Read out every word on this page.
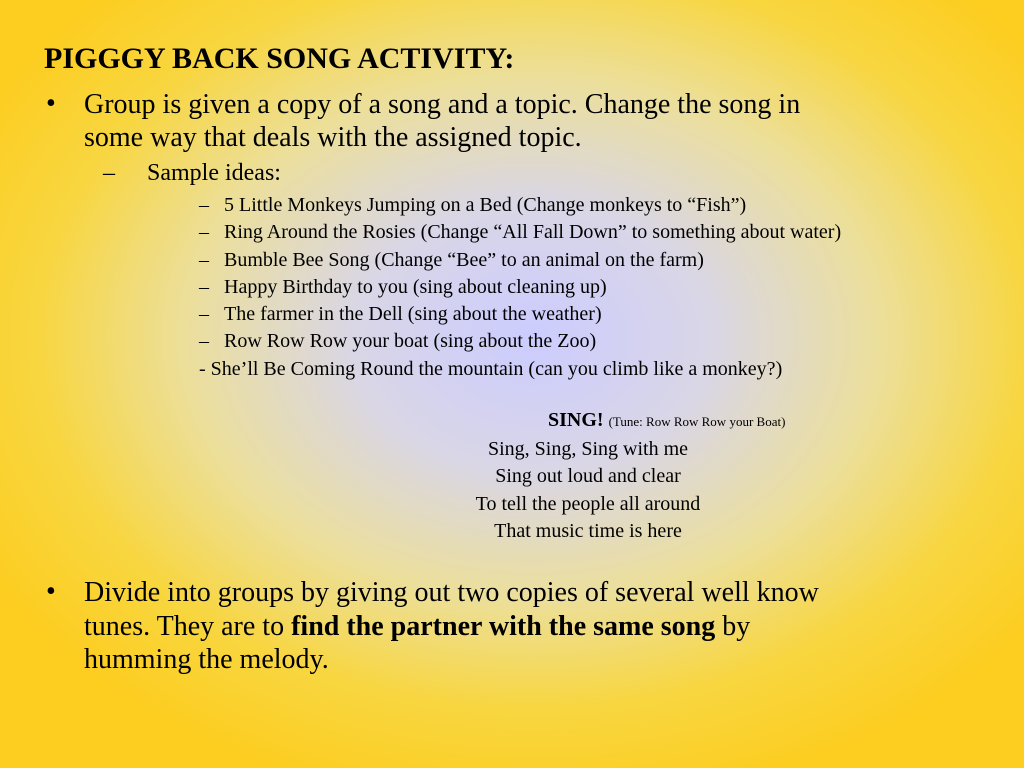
PIGGGY BACK SONG ACTIVITY:
• Group is given a copy of a song and a topic. Change the song in
some way that deals with the assigned topic.
– Sample ideas:
– 5 Little Monkeys Jumping on a Bed (Change monkeys to “Fish”)
– Ring Around the Rosies (Change “All Fall Down” to something about water)
– Bumble Bee Song (Change “Bee” to an animal on the farm)
– Happy Birthday to you (sing about cleaning up)
– The farmer in the Dell (sing about the weather)
– Row Row Row your boat (sing about the Zoo)
- She’ll Be Coming Round the mountain (can you climb like a monkey?)
SING! (Tune: Row Row Row your Boat)
Sing, Sing, Sing with me
Sing out loud and clear
To tell the people all around
That music time is here
• Divide into groups by giving out two copies of several well know
tunes. They are to find the partner with the same song by
humming the melody.
